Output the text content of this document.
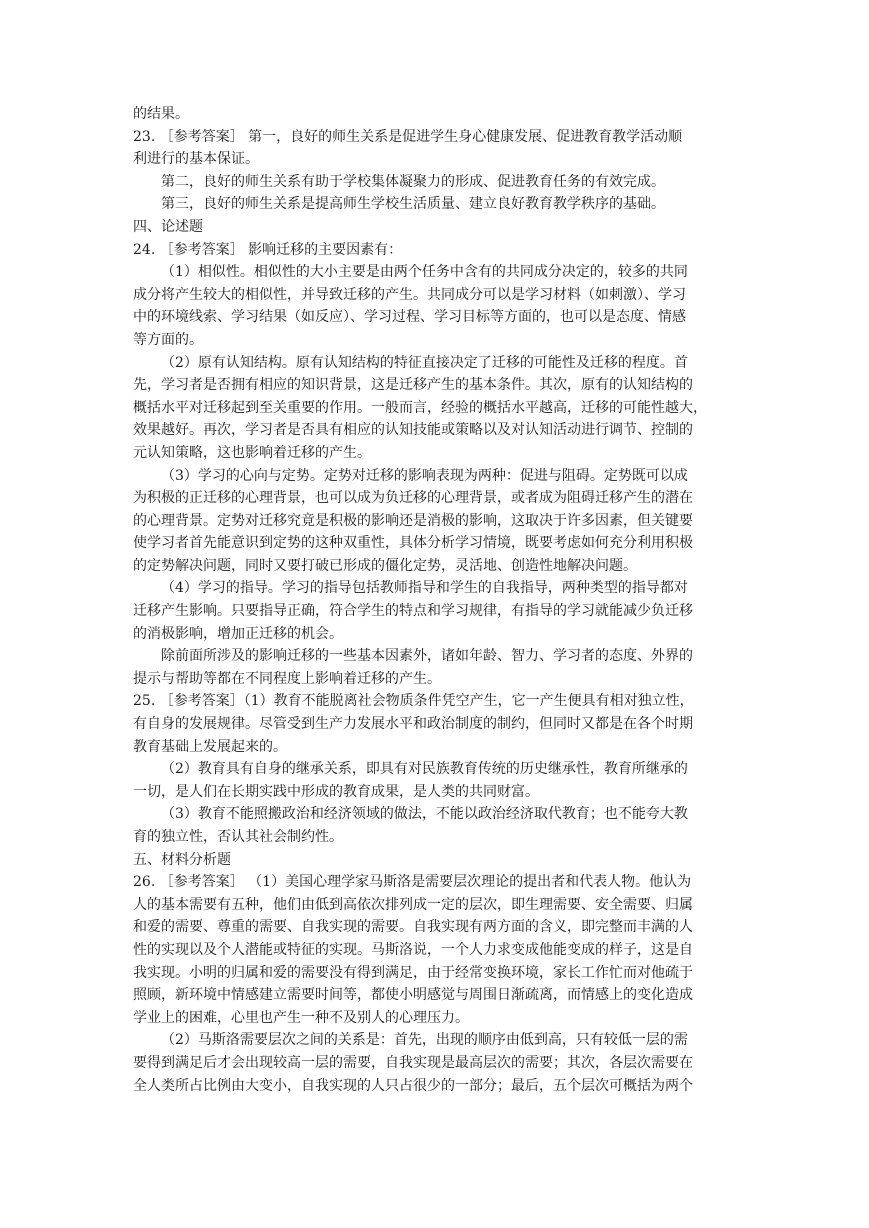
的结果。
23. ［参考答案］ 第一，良好的师生关系是促进学生身心健康发展、促进教育教学活动顺
利进行的基本保证。
第二，良好的师生关系有助于学校集体凝聚力的形成、促进教育任务的有效完成。
第三，良好的师生关系是提高师生学校生活质量、建立良好教育教学秩序的基础。
四、论述题
24. ［参考答案］ 影响迁移的主要因素有：
（1）相似性。相似性的大小主要是由两个任务中含有的共同成分决定的，较多的共同
成分将产生较大的相似性，并导致迁移的产生。共同成分可以是学习材料（如刺激）、学习
中的环境线索、学习结果（如反应）、学习过程、学习目标等方面的，也可以是态度、情感
等方面的。
（2）原有认知结构。原有认知结构的特征直接决定了迁移的可能性及迁移的程度。首
先，学习者是否拥有相应的知识背景，这是迁移产生的基本条件。其次，原有的认知结构的
概括水平对迁移起到至关重要的作用。一般而言，经验的概括水平越高，迁移的可能性越大，
效果越好。再次，学习者是否具有相应的认知技能或策略以及对认知活动进行调节、控制的
元认知策略，这也影响着迁移的产生。
（3）学习的心向与定势。定势对迁移的影响表现为两种：促进与阻碍。定势既可以成
为积极的正迁移的心理背景，也可以成为负迁移的心理背景，或者成为阻碍迁移产生的潜在
的心理背景。定势对迁移究竟是积极的影响还是消极的影响，这取决于许多因素，但关键要
使学习者首先能意识到定势的这种双重性，具体分析学习情境，既要考虑如何充分利用积极
的定势解决问题，同时又要打破已形成的僵化定势，灵活地、创造性地解决问题。
（4）学习的指导。学习的指导包括教师指导和学生的自我指导，两种类型的指导都对
迁移产生影响。只要指导正确，符合学生的特点和学习规律，有指导的学习就能减少负迁移
的消极影响，增加正迁移的机会。
除前面所涉及的影响迁移的一些基本因素外，诸如年龄、智力、学习者的态度、外界的
提示与帮助等都在不同程度上影响着迁移的产生。
25. ［参考答案］（1）教育不能脱离社会物质条件凭空产生，它一产生便具有相对独立性，
有自身的发展规律。尽管受到生产力发展水平和政治制度的制约，但同时又都是在各个时期
教育基础上发展起来的。
（2）教育具有自身的继承关系，即具有对民族教育传统的历史继承性，教育所继承的
一切，是人们在长期实践中形成的教育成果，是人类的共同财富。
（3）教育不能照搬政治和经济领域的做法，不能以政治经济取代教育；也不能夸大教
育的独立性，否认其社会制约性。
五、材料分析题
26. ［参考答案］ （1）美国心理学家马斯洛是需要层次理论的提出者和代表人物。他认为
人的基本需要有五种，他们由低到高依次排列成一定的层次，即生理需要、安全需要、归属
和爱的需要、尊重的需要、自我实现的需要。自我实现有两方面的含义，即完整而丰满的人
性的实现以及个人潜能或特征的实现。马斯洛说，一个人力求变成他能变成的样子，这是自
我实现。小明的归属和爱的需要没有得到满足，由于经常变换环境，家长工作忙而对他疏于
照顾，新环境中情感建立需要时间等，都使小明感觉与周围日渐疏离，而情感上的变化造成
学业上的困难，心里也产生一种不及别人的心理压力。
（2）马斯洛需要层次之间的关系是：首先，出现的顺序由低到高，只有较低一层的需
要得到满足后才会出现较高一层的需要，自我实现是最高层次的需要；其次，各层次需要在
全人类所占比例由大变小，自我实现的人只占很少的一部分；最后，五个层次可概括为两个
